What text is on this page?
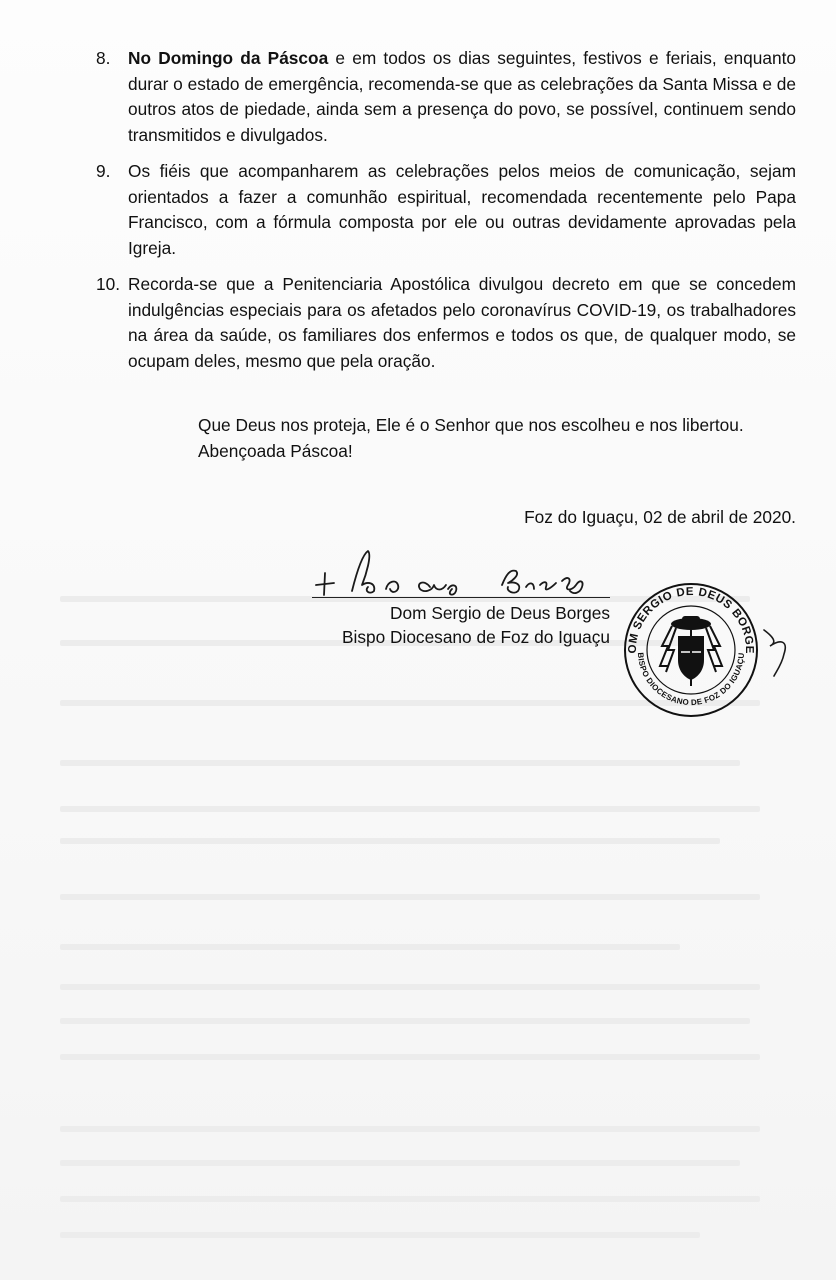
8. No Domingo da Páscoa e em todos os dias seguintes, festivos e feriais, enquanto durar o estado de emergência, recomenda-se que as celebrações da Santa Missa e de outros atos de piedade, ainda sem a presença do povo, se possível, continuem sendo transmitidos e divulgados.
9. Os fiéis que acompanharem as celebrações pelos meios de comunicação, sejam orientados a fazer a comunhão espiritual, recomendada recentemente pelo Papa Francisco, com a fórmula composta por ele ou outras devidamente aprovadas pela Igreja.
10. Recorda-se que a Penitenciaria Apostólica divulgou decreto em que se concedem indulgências especiais para os afetados pelo coronavírus COVID-19, os trabalhadores na área da saúde, os familiares dos enfermos e todos os que, de qualquer modo, se ocupam deles, mesmo que pela oração.
Que Deus nos proteja, Ele é o Senhor que nos escolheu e nos libertou.
Abençoada Páscoa!
Foz do Iguaçu, 02 de abril de 2020.
Dom Sergio de Deus Borges
Bispo Diocesano de Foz do Iguaçu
OM SERGIO DE DEUS BORGE
BISPO DIOCESANO DE FOZ DO IGUAÇU
